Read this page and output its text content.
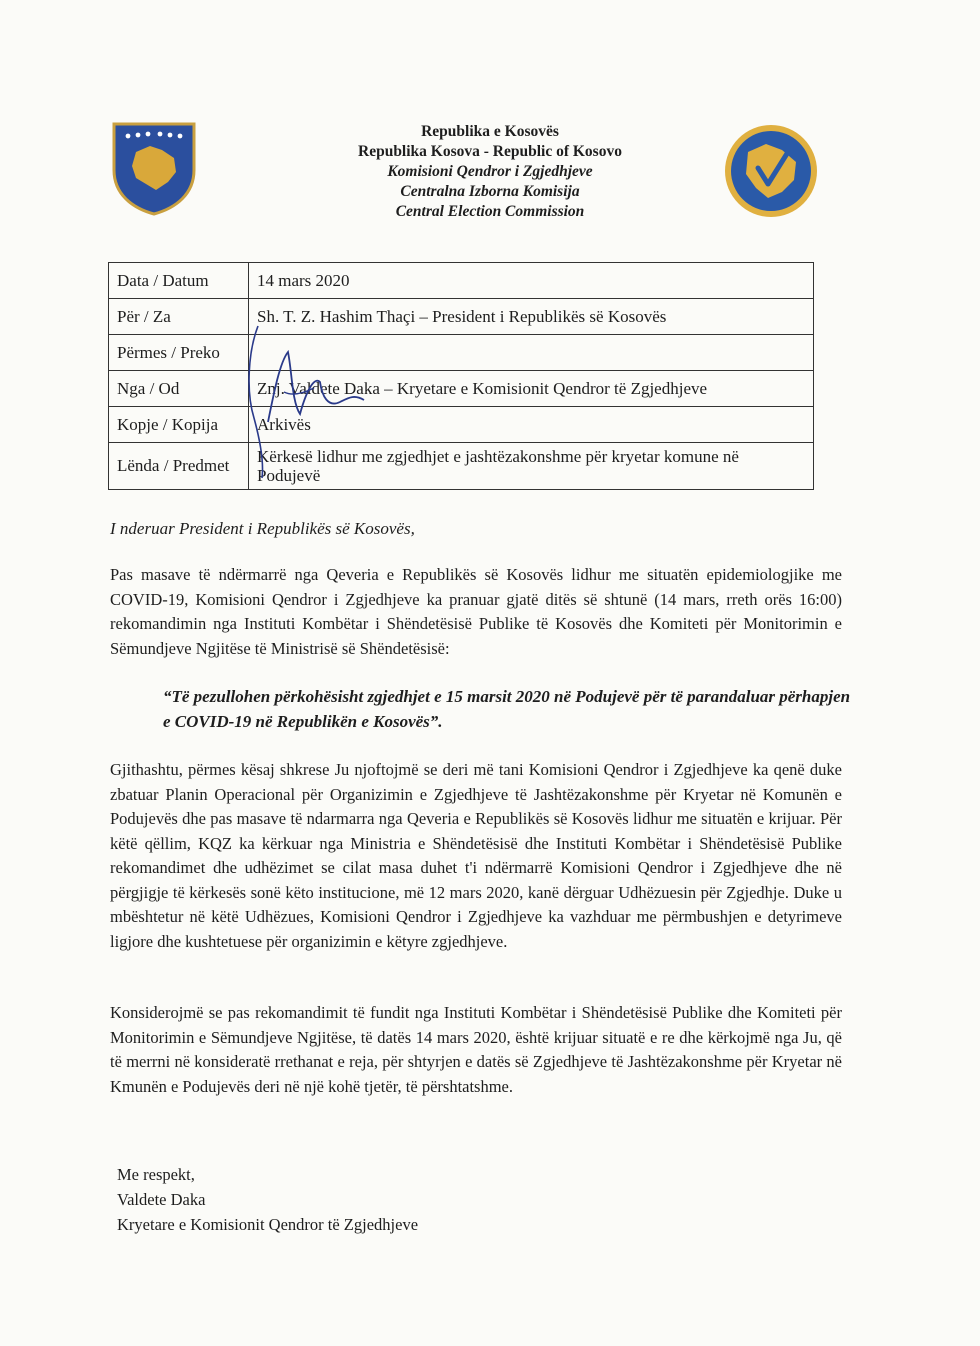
Republika e Kosovës
Republika Kosova - Republic of Kosovo
Komisioni Qendror i Zgjedhjeve
Centralna Izborna Komisija
Central Election Commission
Data / Datum	14 mars 2020
Për / Za	Sh. T. Z. Hashim Thaçi – President i Republikës së Kosovës
Përmes / Preko	
Nga / Od	Znj. Valdete Daka – Kryetare e Komisionit Qendror të Zgjedhjeve
Kopje / Kopija	Arkivës
Lënda / Predmet	Kërkesë lidhur me zgjedhjet e jashtëzakonshme për kryetar komune në Podujevë
I nderuar President i Republikës së Kosovës,

Pas masave të ndërmarrë nga Qeveria e Republikës së Kosovës lidhur me situatën epidemiologjike me COVID-19, Komisioni Qendror i Zgjedhjeve ka pranuar gjatë ditës së shtunë (14 mars, rreth orës 16:00) rekomandimin nga Instituti Kombëtar i Shëndetësisë Publike të Kosovës dhe Komiteti për Monitorimin e Sëmundjeve Ngjitëse të Ministrisë së Shëndetësisë:

“Të pezullohen përkohësisht zgjedhjet e 15 marsit 2020 në Podujevë për të parandaluar përhapjen e COVID-19 në Republikën e Kosovës”.

Gjithashtu, përmes kësaj shkrese Ju njoftojmë se deri më tani Komisioni Qendror i Zgjedhjeve ka qenë duke zbatuar Planin Operacional për Organizimin e Zgjedhjeve të Jashtëzakonshme për Kryetar në Komunën e Podujevës dhe pas masave të ndarmarra nga Qeveria e Republikës së Kosovës lidhur me situatën e krijuar. Për këtë qëllim, KQZ ka kërkuar nga Ministria e Shëndetësisë dhe Instituti Kombëtar i Shëndetësisë Publike rekomandimet dhe udhëzimet se cilat masa duhet t'i ndërmarrë Komisioni Qendror i Zgjedhjeve dhe në përgjigje të kërkesës sonë këto institucione, më 12 mars 2020, kanë dërguar Udhëzuesin për Zgjedhje. Duke u mbështetur në këtë Udhëzues, Komisioni Qendror i Zgjedhjeve ka vazhduar me përmbushjen e detyrimeve ligjore dhe kushtetuese për organizimin e këtyre zgjedhjeve.

Konsiderojmë se pas rekomandimit të fundit nga Instituti Kombëtar i Shëndetësisë Publike dhe Komiteti për Monitorimin e Sëmundjeve Ngjitëse, të datës 14 mars 2020, është krijuar situatë e re dhe kërkojmë nga Ju, që të merrni në konsideratë rrethanat e reja, për shtyrjen e datës së Zgjedhjeve të Jashtëzakonshme për Kryetar në Kmunën e Podujevës deri në një kohë tjetër, të përshtatshme.

Me respekt,
Valdete Daka
Kryetare e Komisionit Qendror të Zgjedhjeve
